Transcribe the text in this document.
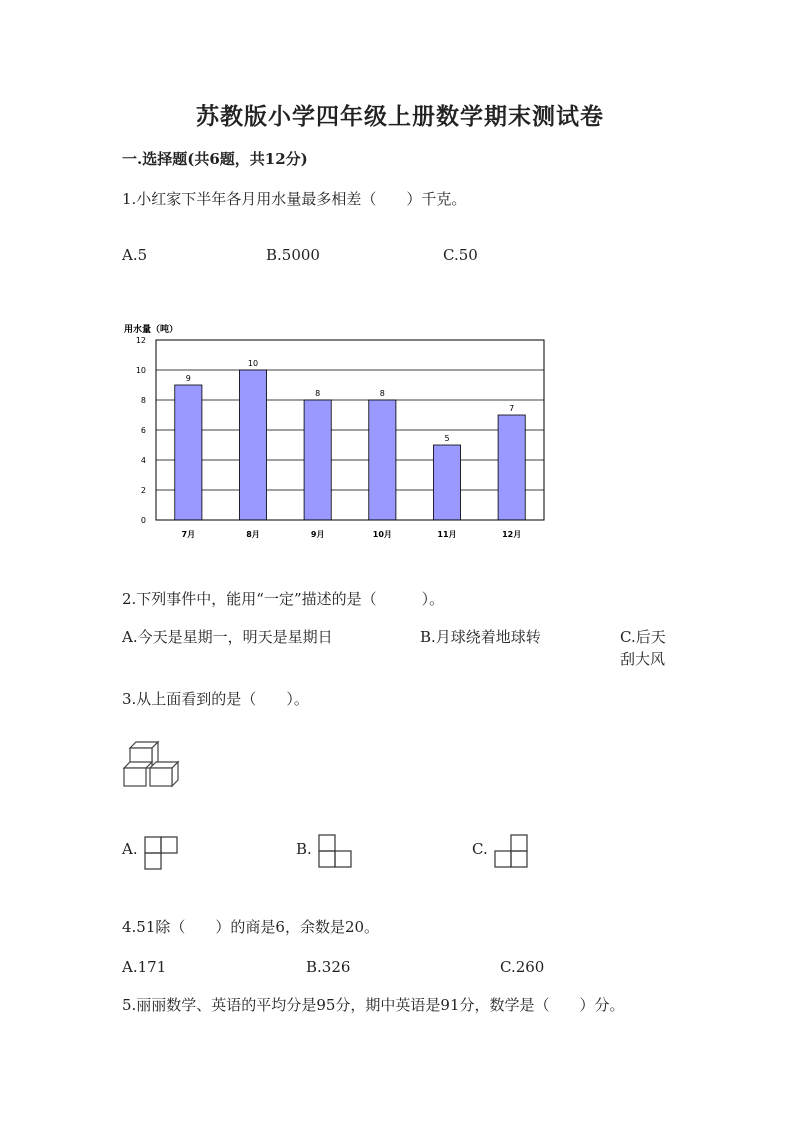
苏教版小学四年级上册数学期末测试卷
一.选择题(共6题，共12分)
1.小红家下半年各月用水量最多相差（　　）千克。
A.5	B.5000	C.50
用水量（吨）
9
10
8	8
5
7
7月	8月	9月	10月	11月	12月
0
2
4
6
8
10
12
2.下列事件中，能用“一定”描述的是（　　　）。
A.今天是星期一，明天是星期日	B.月球绕着地球转	C.后天刮大风
3.从上面看到的是（　　）。
A.	B.	C.
4.51除（　　）的商是6，余数是20。
A.171	B.326	C.260
5.丽丽数学、英语的平均分是95分，期中英语是91分，数学是（　　）分。
